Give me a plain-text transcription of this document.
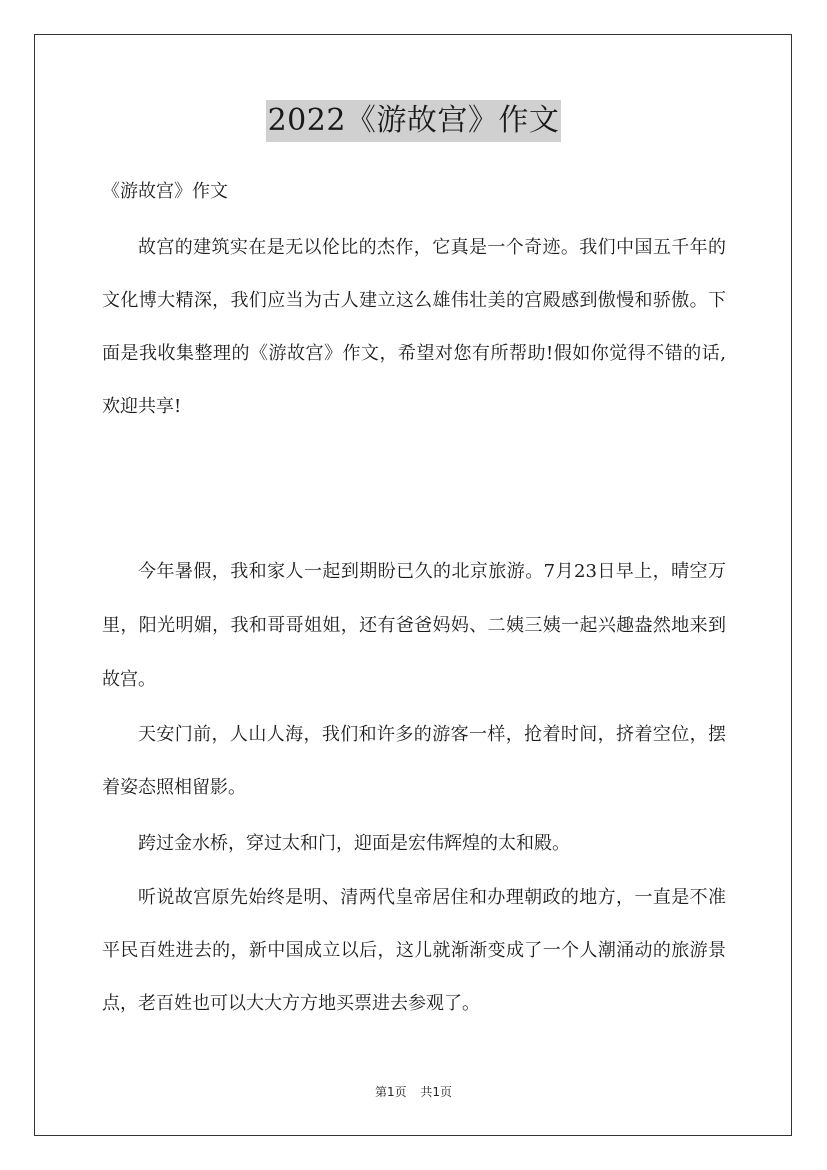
2022《游故宫》作文
《游故宫》作文

故宫的建筑实在是无以伦比的杰作，它真是一个奇迹。我们中国五千年的文化博大精深，我们应当为古人建立这么雄伟壮美的宫殿感到傲慢和骄傲。下面是我收集整理的《游故宫》作文，希望对您有所帮助!假如你觉得不错的话,欢迎共享!

今年暑假，我和家人一起到期盼已久的北京旅游。7月23日早上，晴空万里，阳光明媚，我和哥哥姐姐，还有爸爸妈妈、二姨三姨一起兴趣盎然地来到故宫。

天安门前，人山人海，我们和许多的游客一样，抢着时间，挤着空位，摆着姿态照相留影。

跨过金水桥，穿过太和门，迎面是宏伟辉煌的太和殿。

听说故宫原先始终是明、清两代皇帝居住和办理朝政的地方，一直是不准平民百姓进去的，新中国成立以后，这儿就渐渐变成了一个人潮涌动的旅游景点，老百姓也可以大大方方地买票进去参观了。

第1页 共1页
